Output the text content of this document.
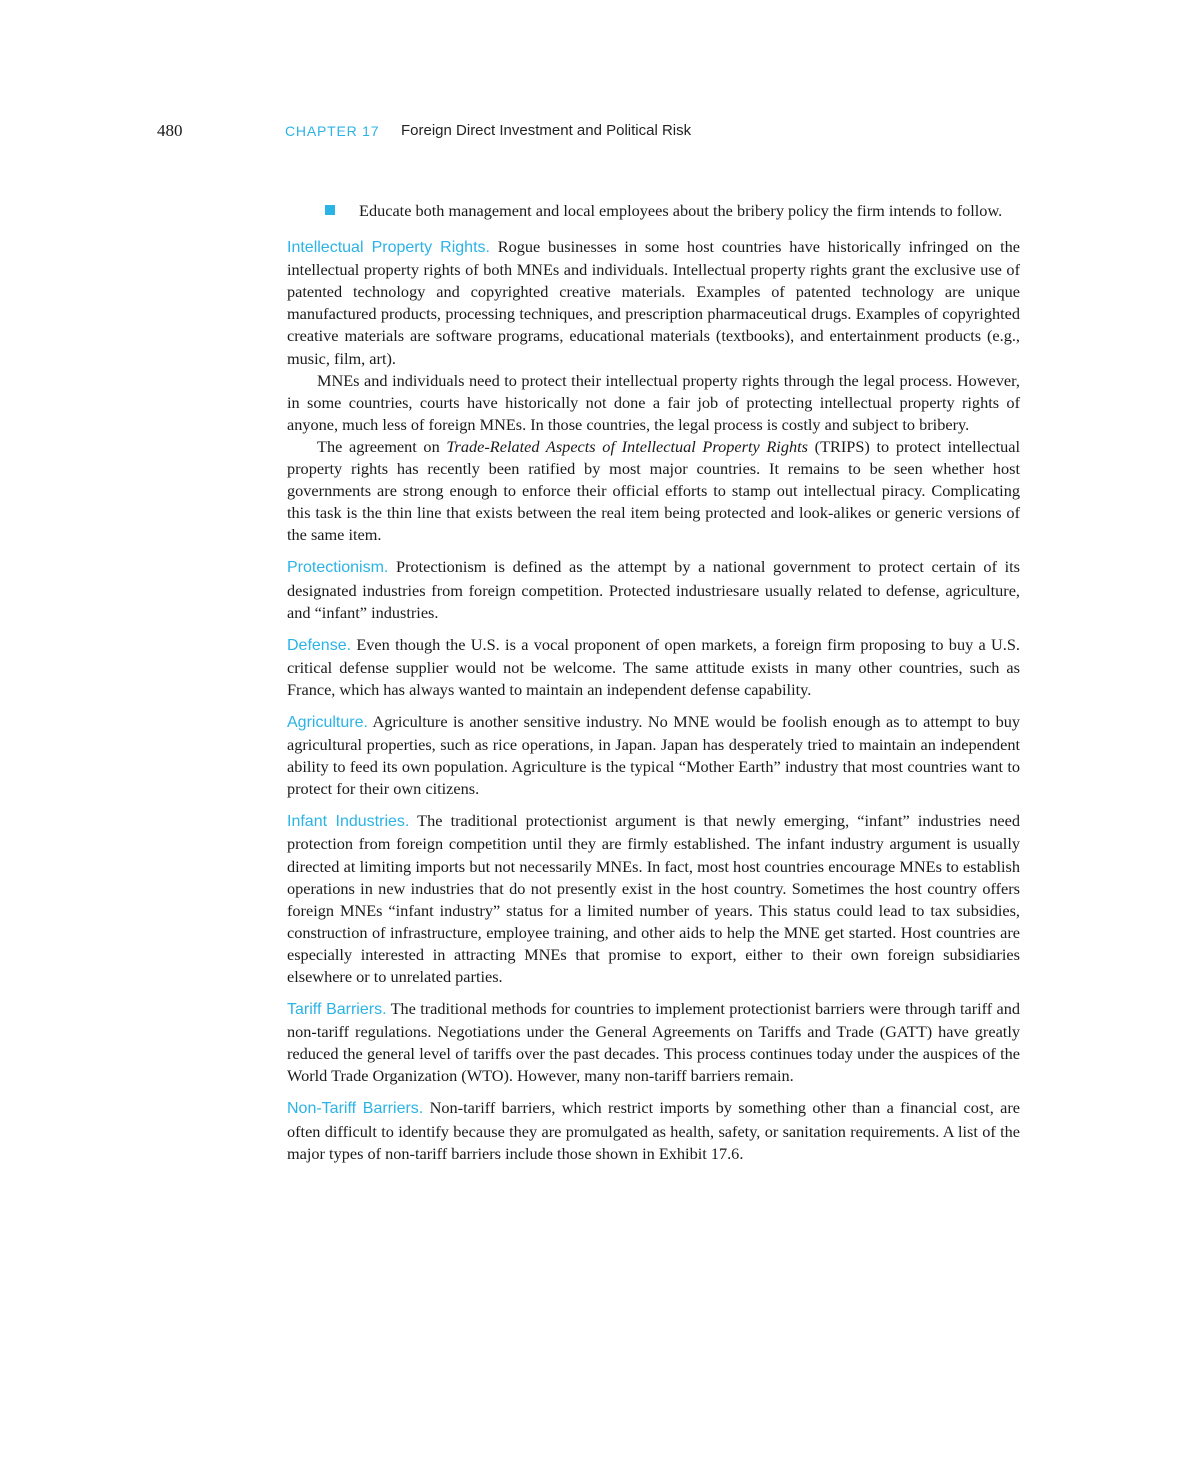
480	CHAPTER 17 Foreign Direct Investment and Political Risk
Educate both management and local employees about the bribery policy the firm intends to follow.

Intellectual Property Rights. Rogue businesses in some host countries have historically infringed on the intellectual property rights of both MNEs and individuals. Intellectual property rights grant the exclusive use of patented technology and copyrighted creative materials. Examples of patented technology are unique manufactured products, processing techniques, and prescription pharmaceutical drugs. Examples of copyrighted creative materials are software programs, educational materials (textbooks), and entertainment products (e.g., music, film, art).

MNEs and individuals need to protect their intellectual property rights through the legal process. However, in some countries, courts have historically not done a fair job of protecting intellectual property rights of anyone, much less of foreign MNEs. In those countries, the legal process is costly and subject to bribery.

The agreement on Trade-Related Aspects of Intellectual Property Rights (TRIPS) to protect intellectual property rights has recently been ratified by most major countries. It remains to be seen whether host governments are strong enough to enforce their official efforts to stamp out intellectual piracy. Complicating this task is the thin line that exists between the real item being protected and look-alikes or generic versions of the same item.

Protectionism. Protectionism is defined as the attempt by a national government to protect certain of its designated industries from foreign competition. Protected industriesare usually related to defense, agriculture, and “infant” industries.

Defense. Even though the U.S. is a vocal proponent of open markets, a foreign firm proposing to buy a U.S. critical defense supplier would not be welcome. The same attitude exists in many other countries, such as France, which has always wanted to maintain an independent defense capability.

Agriculture. Agriculture is another sensitive industry. No MNE would be foolish enough as to attempt to buy agricultural properties, such as rice operations, in Japan. Japan has desperately tried to maintain an independent ability to feed its own population. Agriculture is the typical “Mother Earth” industry that most countries want to protect for their own citizens.

Infant Industries. The traditional protectionist argument is that newly emerging, “infant” industries need protection from foreign competition until they are firmly established. The infant industry argument is usually directed at limiting imports but not necessarily MNEs. In fact, most host countries encourage MNEs to establish operations in new industries that do not presently exist in the host country. Sometimes the host country offers foreign MNEs “infant industry” status for a limited number of years. This status could lead to tax subsidies, construction of infrastructure, employee training, and other aids to help the MNE get started. Host countries are especially interested in attracting MNEs that promise to export, either to their own foreign subsidiaries elsewhere or to unrelated parties.

Tariff Barriers. The traditional methods for countries to implement protectionist barriers were through tariff and non-tariff regulations. Negotiations under the General Agreements on Tariffs and Trade (GATT) have greatly reduced the general level of tariffs over the past decades. This process continues today under the auspices of the World Trade Organization (WTO). However, many non-tariff barriers remain.

Non-Tariff Barriers. Non-tariff barriers, which restrict imports by something other than a financial cost, are often difficult to identify because they are promulgated as health, safety, or sanitation requirements. A list of the major types of non-tariff barriers include those shown in Exhibit 17.6.
